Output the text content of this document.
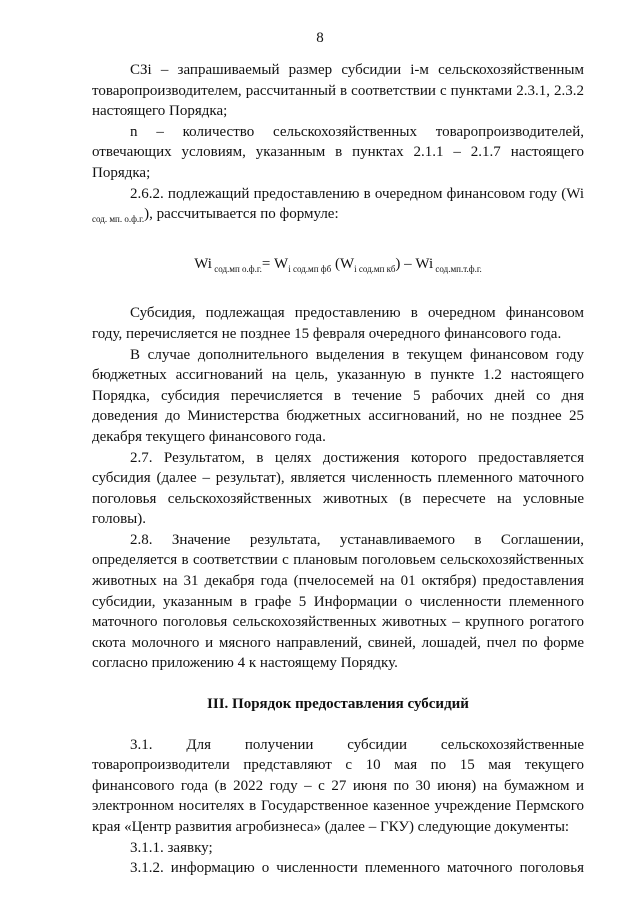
8

СЗi – запрашиваемый размер субсидии i-м сельскохозяйственным товаропроизводителем, рассчитанный в соответствии с пунктами 2.3.1, 2.3.2 настоящего Порядка;

n – количество сельскохозяйственных товаропроизводителей, отвечающих условиям, указанным в пунктах 2.1.1 – 2.1.7 настоящего Порядка;

2.6.2. подлежащий предоставлению в очередном финансовом году (Wi $_{сод. мп. о.ф.г.}$), рассчитывается по формуле:

Wi $_{сод.мп о.ф.г.}= W_{i сод.мп фб}$ $(W_{i сод.мп кб})$ – Wi $_{сод.мп.т.ф.г.}$

Субсидия, подлежащая предоставлению в очередном финансовом году, перечисляется не позднее 15 февраля очередного финансового года.

В случае дополнительного выделения в текущем финансовом году бюджетных ассигнований на цель, указанную в пункте 1.2 настоящего Порядка, субсидия перечисляется в течение 5 рабочих дней со дня доведения до Министерства бюджетных ассигнований, но не позднее 25 декабря текущего финансового года.

2.7. Результатом, в целях достижения которого предоставляется субсидия (далее – результат), является численность племенного маточного поголовья сельскохозяйственных животных (в пересчете на условные головы).

2.8. Значение результата, устанавливаемого в Соглашении, определяется в соответствии с плановым поголовьем сельскохозяйственных животных на 31 декабря года (пчелосемей на 01 октября) предоставления субсидии, указанным в графе 5 Информации о численности племенного маточного поголовья сельскохозяйственных животных – крупного рогатого скота молочного и мясного направлений, свиней, лошадей, пчел по форме согласно приложению 4 к настоящему Порядку.

III. Порядок предоставления субсидий

3.1. Для получении субсидии сельскохозяйственные товаропроизводители представляют с 10 мая по 15 мая текущего финансового года (в 2022 году – с 27 июня по 30 июня) на бумажном и электронном носителях в Государственное казенное учреждение Пермского края «Центр развития агробизнеса» (далее – ГКУ) следующие документы:

3.1.1. заявку;

3.1.2. информацию о численности племенного маточного поголовья
